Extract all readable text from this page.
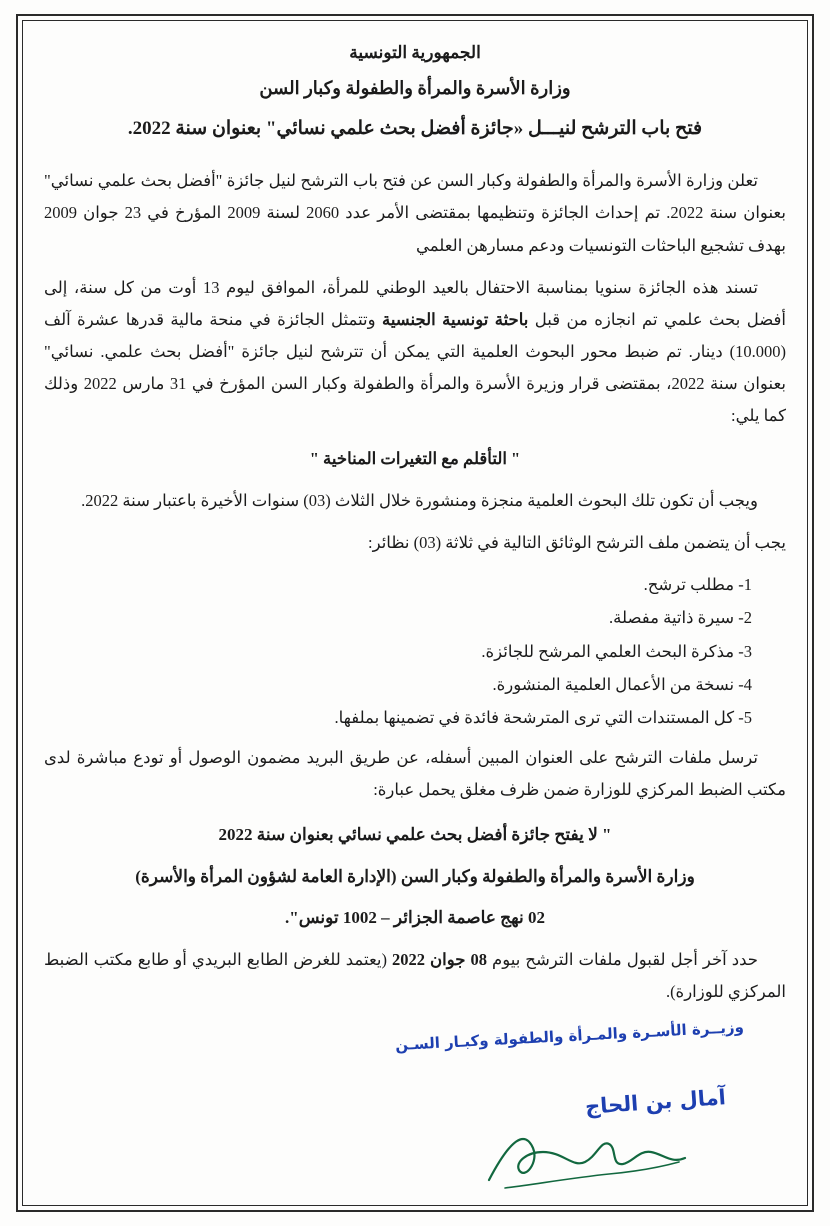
الجمهورية التونسية
وزارة الأسرة والمرأة والطفولة وكبار السن
فتح باب الترشح لنيـــل «جائزة أفضل بحث علمي نسائي" بعنوان سنة 2022.

تعلن وزارة الأسرة والمرأة والطفولة وكبار السن عن فتح باب الترشح لنيل جائزة "أفضل بحث علمي نسائي" بعنوان سنة 2022. تم إحداث الجائزة وتنظيمها بمقتضى الأمر عدد 2060 لسنة 2009 المؤرخ في 23 جوان 2009 بهدف تشجيع الباحثات التونسيات ودعم مسارهن العلمي

تسند هذه الجائزة سنويا بمناسبة الاحتفال بالعيد الوطني للمرأة، الموافق ليوم 13 أوت من كل سنة، إلى أفضل بحث علمي تم انجازه من قبل باحثة تونسية الجنسية وتتمثل الجائزة في منحة مالية قدرها عشرة آلف (10.000) دينار. تم ضبط محور البحوث العلمية التي يمكن أن تترشح لنيل جائزة "أفضل بحث علمي. نسائي" بعنوان سنة 2022، بمقتضى قرار وزيرة الأسرة والمرأة والطفولة وكبار السن المؤرخ في 31 مارس 2022 وذلك كما يلي:

" التأقلم مع التغيرات المناخية "

ويجب أن تكون تلك البحوث العلمية منجزة ومنشورة خلال الثلاث (03) سنوات الأخيرة باعتبار سنة 2022.

يجب أن يتضمن ملف الترشح الوثائق التالية في ثلاثة (03) نظائر:

1- مطلب ترشح.
2- سيرة ذاتية مفصلة.
3- مذكرة البحث العلمي المرشح للجائزة.
4- نسخة من الأعمال العلمية المنشورة.
5- كل المستندات التي ترى المترشحة فائدة في تضمينها بملفها.

ترسل ملفات الترشح على العنوان المبين أسفله، عن طريق البريد مضمون الوصول أو تودع مباشرة لدى مكتب الضبط المركزي للوزارة ضمن ظرف مغلق يحمل عبارة:

" لا يفتح جائزة أفضل بحث علمي نسائي بعنوان سنة 2022
وزارة الأسرة والمرأة والطفولة وكبار السن (الإدارة العامة لشؤون المرأة والأسرة)
02 نهج عاصمة الجزائر – 1002 تونس".

حدد آخر أجل لقبول ملفات الترشح بيوم 08 جوان 2022 (يعتمد للغرض الطابع البريدي أو طابع مكتب الضبط المركزي للوزارة).

وزيــرة الأسـرة والمـرأة والطفولة وكبـار السـن
آمال بن الحاج
